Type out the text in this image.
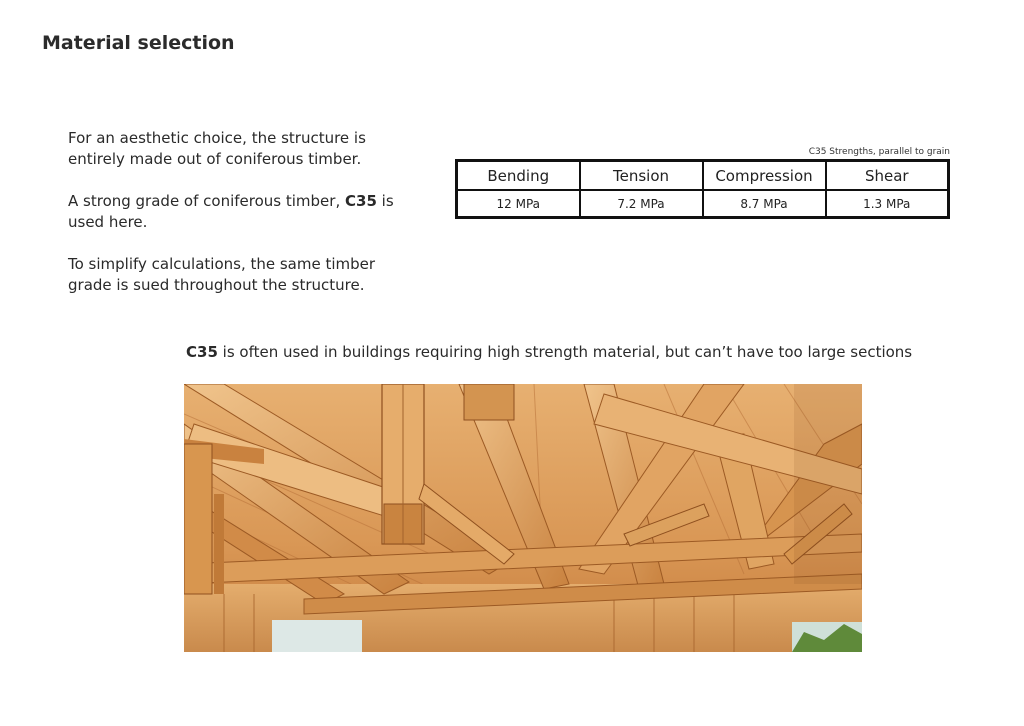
Material selection

For an aesthetic choice, the structure is entirely made out of coniferous timber.

A strong grade of coniferous timber, C35 is used here.

To simplify calculations, the same timber grade is sued throughout the structure.

C35 Strengths, parallel to grain
Bending	Tension	Compression	Shear
12 MPa	7.2 MPa	8.7 MPa	1.3 MPa
C35 is often used in buildings requiring high strength material, but can’t have too large sections
